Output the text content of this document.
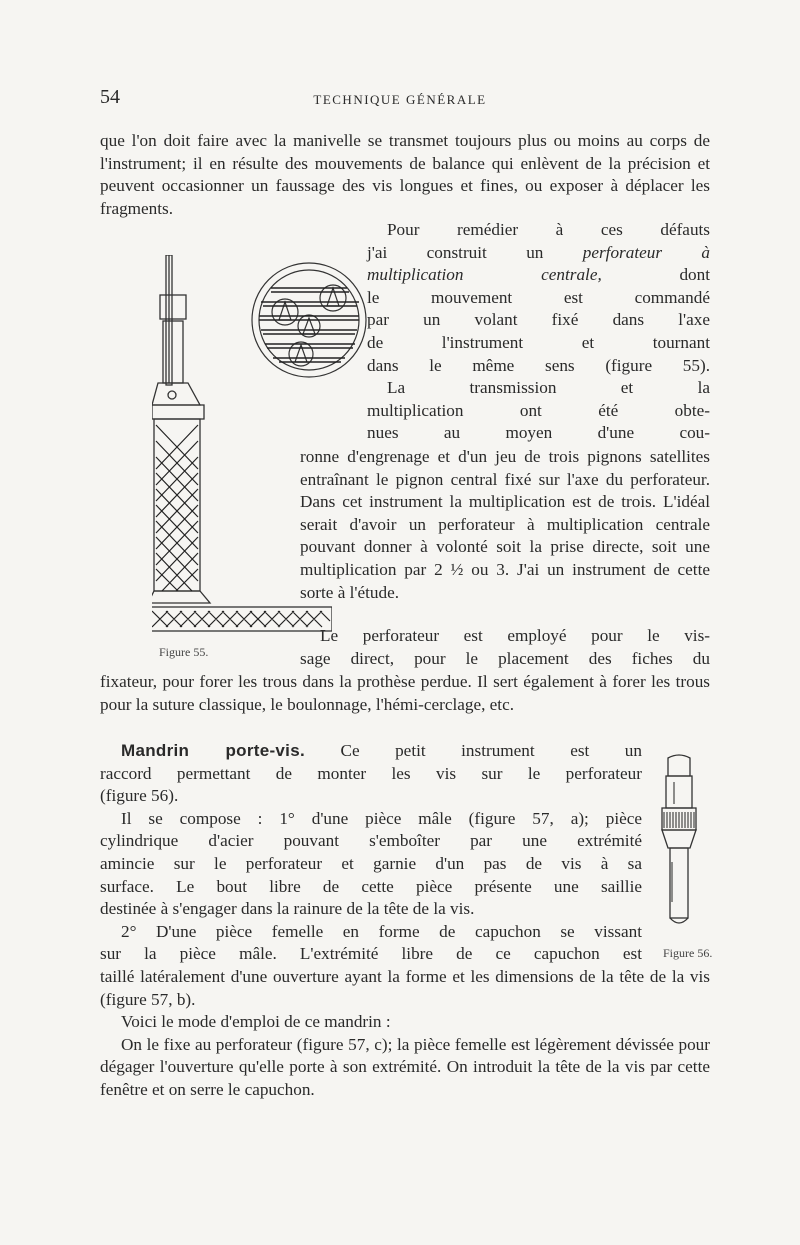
54	TECHNIQUE GÉNÉRALE

que l'on doit faire avec la manivelle se transmet toujours plus ou moins au corps de l'instrument; il en résulte des mouvements de balance qui enlèvent de la précision et peuvent occasionner un faussage des vis longues et fines, ou exposer à déplacer les fragments.

Pour remédier à ces défauts
j'ai construit un perforateur à
multiplication centrale, dont
le mouvement est commandé
par un volant fixé dans l'axe
de l'instrument et tournant
dans le même sens (figure 55).
La transmission et la
multiplication ont été obte-
nues au moyen d'une cou-

ronne d'engrenage et d'un jeu de trois pignons satellites entraînant le pignon central fixé sur l'axe du perforateur. Dans cet instrument la multiplication est de trois. L'idéal serait d'avoir un perforateur à multiplication centrale pouvant donner à volonté soit la prise directe, soit une multiplication par 2 ½ ou 3. J'ai un instrument de cette sorte à l'étude.

Le perforateur est employé pour le vis-
sage direct, pour le placement des fiches du

fixateur, pour forer les trous dans la prothèse perdue. Il sert également à forer les trous pour la suture classique, le boulonnage, l'hémi-cerclage, etc.

Mandrin porte-vis. Ce petit instrument est un
raccord permettant de monter les vis sur le perforateur
(figure 56).
Il se compose : 1° d'une pièce mâle (figure 57, a); pièce
cylindrique d'acier pouvant s'emboîter par une extrémité
amincie sur le perforateur et garnie d'un pas de vis à sa
surface. Le bout libre de cette pièce présente une saillie
destinée à s'engager dans la rainure de la tête de la vis.
2° D'une pièce femelle en forme de capuchon se vissant
sur la pièce mâle. L'extrémité libre de ce capuchon est

taillé latéralement d'une ouverture ayant la forme et les dimensions de la tête de la vis (figure 57, b).

Voici le mode d'emploi de ce mandrin :

On le fixe au perforateur (figure 57, c); la pièce femelle est légèrement dévissée pour dégager l'ouverture qu'elle porte à son extrémité. On introduit la tête de la vis par cette fenêtre et on serre le capuchon.

Figure 55.
Figure 56.
